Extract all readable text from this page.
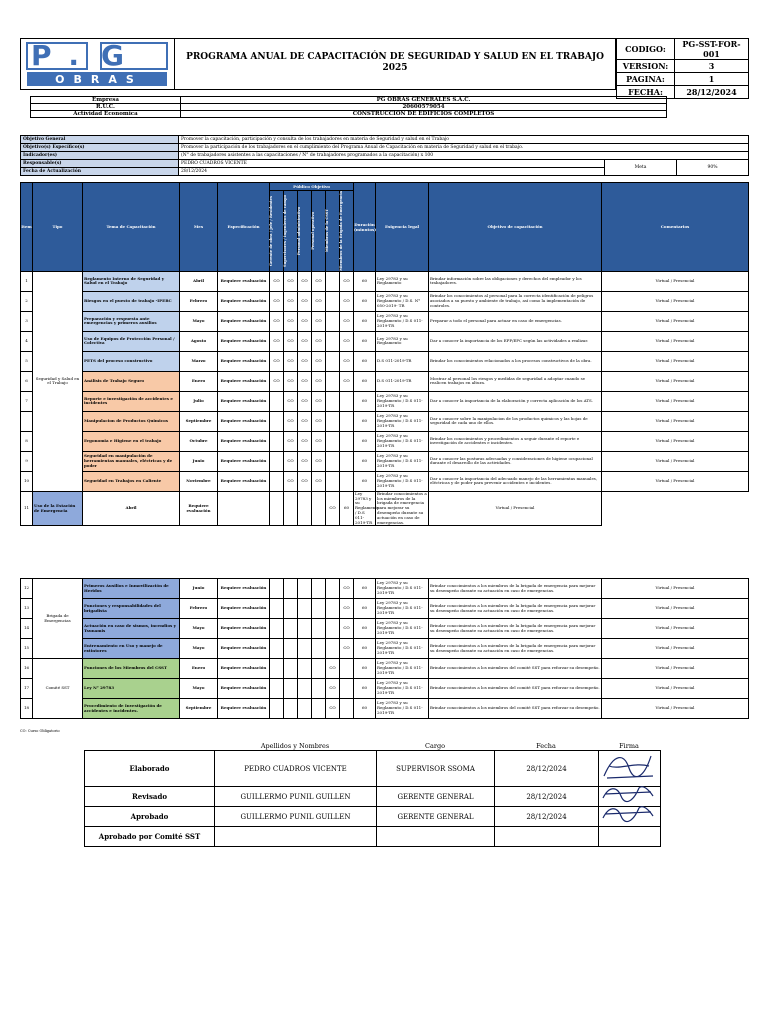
P.G
OBRAS
PROGRAMA ANUAL DE CAPACITACIÓN DE SEGURIDAD Y SALUD EN EL TRABAJO
2025
CODIGO:	PG-SST-FOR-001
VERSION:	3
PAGINA:	1
FECHA:	28/12/2024
Empresa	PG OBRAS GENERALES S.A.C.
R.U.C.	20600579054
Actividad Economica	CONSTRUCCION DE EDIFICIOS COMPLETOS
Objetivo General	Promover la capacitación, participación y consulta de los trabajadores en materia de Seguridad y salud en el Trabajo		
Objetivo(s) Específico(s)	Promover la participación de los trabajadores en el cumplimiento del Programa Anual de Capacitación en materia de Seguridad y salud en el trabajo.		
Indicador(es)	(N° de trabajadores asistentes a las capacitaciones / N° de trabajadores programados a la capacitación) x 100		
Responsable(s)	PEDRO CUADROS VICENTE	Meta	90%
Fecha de Actualización	28/12/2024		
Item	Tipo	Tema de Capacitación	Mes	Especificación	Público Objetivo						Duración (minutos)	Exigencia legal	Objetivo de capacitación	Comentarios

					Gerente de obra / Jefe / Residentes	Supervisores / Ingenieros de campo	Personal administrativo	Personal operativo	Miembros de la CSST	Miembros de la Brigada de Emergencia				

1	Seguridad y Salud en el Trabajo	Reglamento Interno de Seguridad y Salud en el Trabajo	Abril	Requiere evaluación	CO	CO	CO	CO		CO	60	Ley 29783 y su Reglamento	Brindar información sobre las obligaciones y derechos del empleador y los trabajadores.	Virtual / Presencial
2		Riesgos en el puesto de trabajo -IPERC	Febrero	Requiere evaluación	CO	CO	CO	CO		CO	60	Ley 29783 y su Reglamento / D.S. N° 050-2019- TR	Brindar los conocimientos al personal para la correcta identificación de peligros asociados a su puesto y ambiente de trabajo, así como la implementación de controles.	Virtual / Presencial
3		Preparación y respuesta ante emergencias y primeros auxilios	Mayo	Requiere evaluación	CO	CO	CO	CO		CO	60	Ley 29783 y su Reglamento / D.S 011-2019-TR	Preparar a todo el personal para actuar en caso de emergencias.	Virtual / Presencial
4		Uso de Equipos de Protección Personal / Colectiva	Agosto	Requiere evaluación	CO	CO	CO	CO		CO	60	Ley 29783 y su Reglamento	Dar a conocer la importancia de los EPP/EPC según las actividades a realizar.	Virtual / Presencial
5		PETS del proceso constructivo	Marzo	Requiere evaluación	CO	CO	CO	CO		CO	60	D.S 011-2019-TR	Brindar los conocimientos relacionados a los procesos constructivos de la obra.	Virtual / Presencial
6		Análisis de Trabajo Seguro	Enero	Requiere evaluación	CO	CO	CO	CO		CO	60	D.S 011-2019-TR	Mostrar al personal los riesgos y medidas de seguridad a adoptar cuando se realicen trabajos en altura.	Virtual / Presencial
7		Reporte e investigación de accidentes e incidentes	Julio	Requiere evaluación		CO	CO	CO			60	Ley 29783 y su Reglamento / D.S 011-2019-TR	Dar a conocer la importancia de la elaboración y correcta aplicación de los ATS.	Virtual / Presencial
		Manipulacion de Productos Quimicos	Septiembre	Requiere evaluación		CO	CO	CO			60	Ley 29783 y su Reglamento / D.S 011-2019-TR	Dar a conocer sobre la manipulacion de los productos quimicos y las hojas de seguridad de cada uno de ellos.	Virtual / Presencial
8		Ergonomia e Higiene en el trabajo	Octubre	Requiere evaluación		CO	CO	CO			60	Ley 29783 y su Reglamento / D.S 011-2019-TR	Brindar los conocimientos y procedimientos a seguir durante el reporte e investigación de accidentes e incidentes.	Virtual / Presencial
9		Seguridad en manipulación de herramientas manuales, eléctricas y de poder	Junio	Requiere evaluación		CO	CO	CO			60	Ley 29783 y su Reglamento / D.S 011-2019-TR	Dar a conocer las posturas adecuadas y consideraciones de higiene ocupacional durante el desarrollo de las actividades.	Virtual / Presencial
10		Seguridad en Trabajos en Caliente	Noviembre	Requiere evaluación		CO	CO	CO			60	Ley 29783 y su Reglamento / D.S 011-2019-TR	Dar a conocer la importancia del adecuado manejo de las herramientas manuales, eléctricas y de poder para prevenir accidentes e incidentes.	Virtual / Presencial
11	Uso de la Estación de Emergencia	Abril	Requiere evaluación						CO	60	Ley 29783 y su Reglamento / D.S 011-2019-TR	Brindar conocimientos a los miembros de la brigada de emergencia para mejorar su desempeño durante su actuación en caso de emergencias.	Virtual / Presencial	
12	Brigada de Emergencias	Primeros Auxilios e Inmovilización de Heridos	Junio	Requiere evaluación						CO	60	Ley 29783 y su Reglamento / D.S 011-2019-TR	Brindar conocimientos a los miembros de la brigada de emergencia para mejorar su desempeño durante su actuación en caso de emergencias.	Virtual / Presencial
13		Funciones y responsabilidades del brigadista	Febrero	Requiere evaluación						CO	60	Ley 29783 y su Reglamento / D.S 011-2019-TR	Brindar conocimientos a los miembros de la brigada de emergencia para mejorar su desempeño durante su actuación en caso de emergencias.	Virtual / Presencial
14		Actuación en caso de sismos, incendios y Tsunamis	Mayo	Requiere evaluación						CO	60	Ley 29783 y su Reglamento / D.S 011-2019-TR	Brindar conocimientos a los miembros de la brigada de emergencia para mejorar su desempeño durante su actuación en caso de emergencias.	Virtual / Presencial
15		Entrenamiento en Uso y manejo de extintores	Mayo	Requiere evaluación						CO	60	Ley 29783 y su Reglamento / D.S 011-2019-TR	Brindar conocimientos a los miembros de la brigada de emergencia para mejorar su desempeño durante su actuación en caso de emergencias.	Virtual / Presencial
16	Comité SST	Funciones de los Miembros del CSST	Enero	Requiere evaluación					CO		60	Ley 29783 y su Reglamento / D.S 011-2019-TR	Brindar conocimientos a los miembros del comité SST para reforzar su desempeño.	Virtual / Presencial
17		Ley N° 29783	Mayo	Requiere evaluación					CO		60	Ley 29783 y su Reglamento / D.S 011-2019-TR	Brindar conocimientos a los miembros del comité SST para reforzar su desempeño.	Virtual / Presencial
18		Procedimiento de Investigación de accidentes e incidentes.	Septiembre	Requiere evaluación					CO		60	Ley 29783 y su Reglamento / D.S 011-2019-TR	Brindar conocimientos a los miembros del comité SST para reforzar su desempeño.	Virtual / Presencial
CO: Curso Obligatorio
	Apellidos y Nombres	Cargo	Fecha	Firma
Elaborado	PEDRO CUADROS VICENTE	SUPERVISOR SSOMA	28/12/2024	
Revisado	GUILLERMO PUNIL GUILLEN	GERENTE GENERAL	28/12/2024	
Aprobado	GUILLERMO PUNIL GUILLEN	GERENTE GENERAL	28/12/2024	
Aprobado por Comité SST				
